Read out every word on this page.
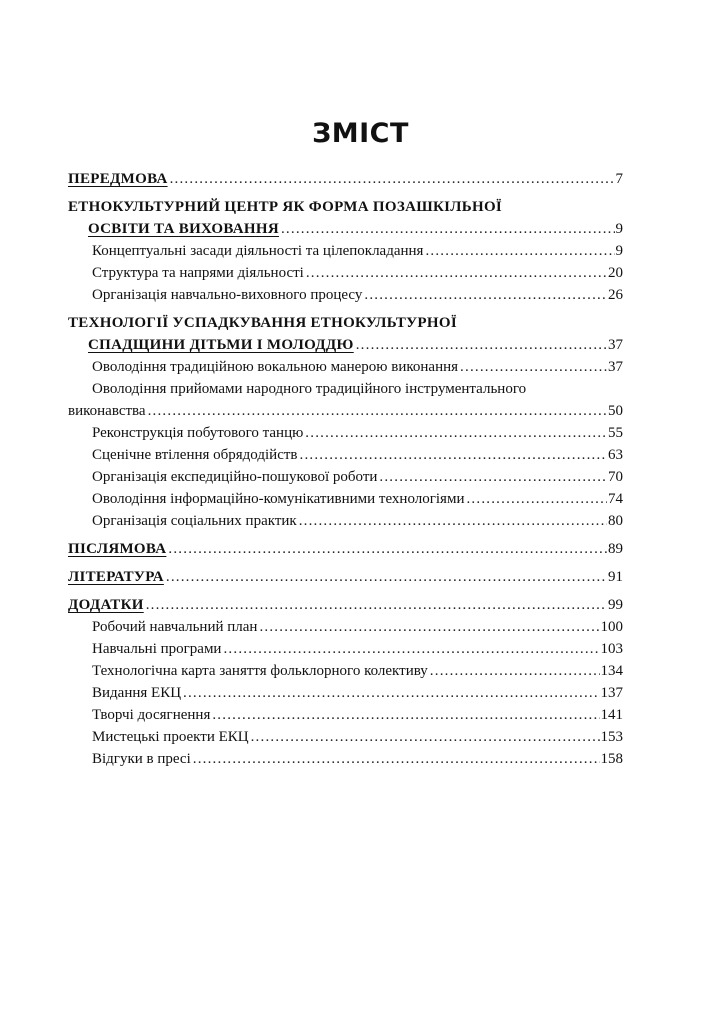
ЗМІСТ
ПЕРЕДМОВА .....	7
ЕТНОКУЛЬТУРНИЙ ЦЕНТР ЯК ФОРМА ПОЗАШКІЛЬНОЇ
ОСВІТИ ТА ВИХОВАННЯ .....	9
Концептуальні засади діяльності та цілепокладання .....	9
Структура та напрями діяльності .....	20
Організація навчально-виховного процесу .....	26
ТЕХНОЛОГІЇ УСПАДКУВАННЯ ЕТНОКУЛЬТУРНОЇ
СПАДЩИНИ ДІТЬМИ І МОЛОДДЮ .....	37
Оволодіння традиційною вокальною манерою виконання .....	37
Оволодіння прийомами народного традиційного інструментального
виконавства .....	50
Реконструкція побутового танцю .....	55
Сценічне втілення обрядодійств .....	63
Організація експедиційно-пошукової роботи .....	70
Оволодіння інформаційно-комунікативними технологіями .....	74
Організація соціальних практик .....	80
ПІСЛЯМОВА .....	89
ЛІТЕРАТУРА .....	91
ДОДАТКИ .....	99
Робочий навчальний план .....	100
Навчальні програми .....	103
Технологічна карта заняття фольклорного колективу .....	134
Видання ЕКЦ .....	137
Творчі досягнення .....	141
Мистецькі проекти ЕКЦ .....	153
Відгуки в пресі .....	158
